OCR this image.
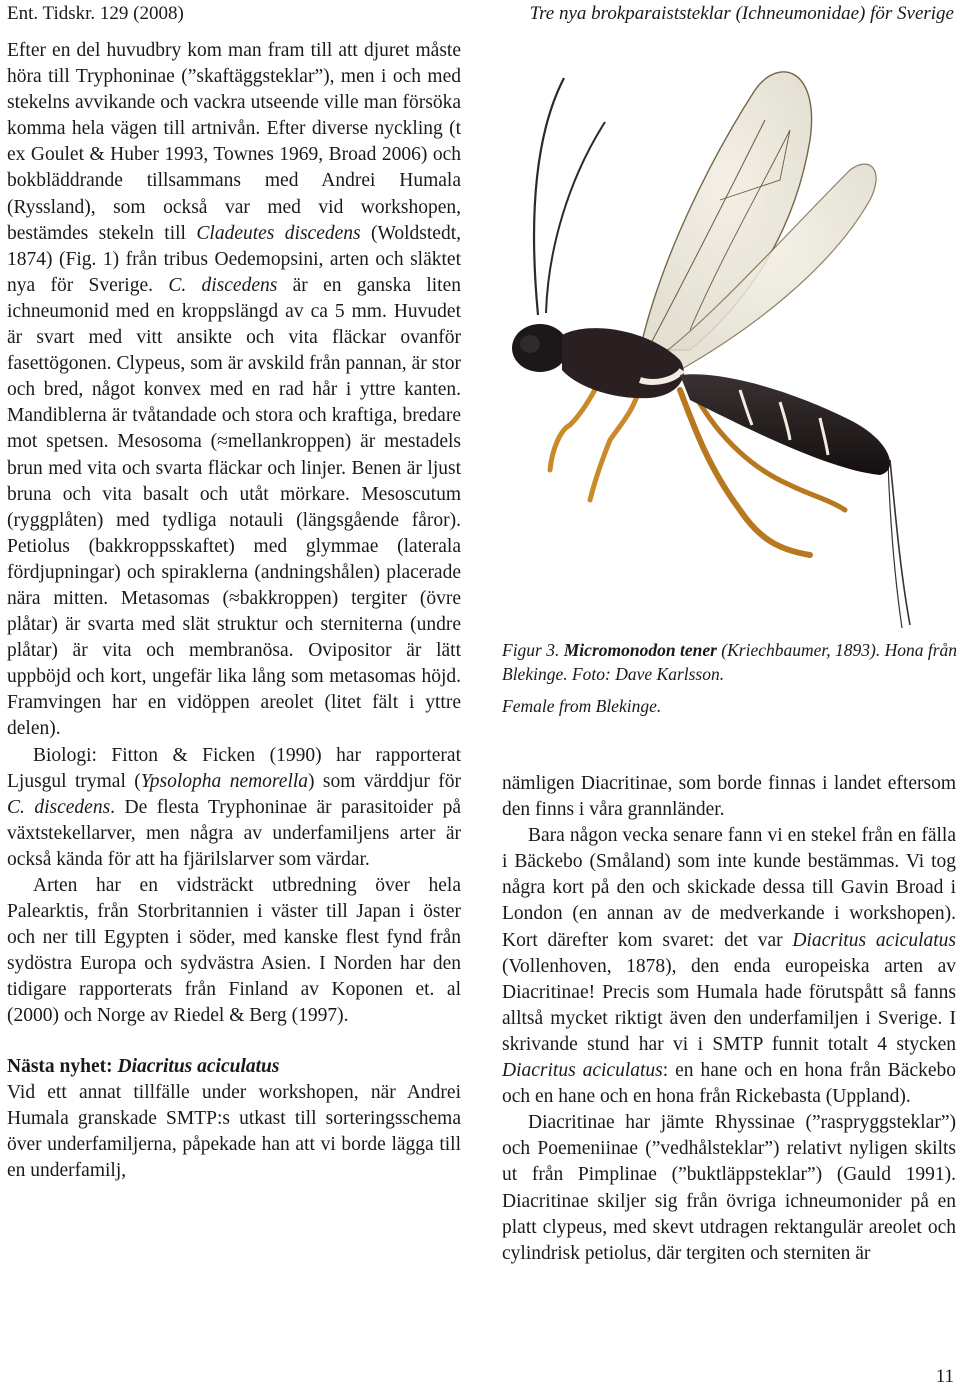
Ent. Tidskr. 129 (2008)	Tre nya brokparaiststeklar (Ichneumonidae) för Sverige

Efter en del huvudbry kom man fram till att djuret måste höra till Tryphoninae (”skaftäggsteklar”), men i och med stekelns avvikande och vackra utseende ville man försöka komma hela vägen till artnivån. Efter diverse nyckling (t ex Goulet & Huber 1993, Townes 1969, Broad 2006) och bokbläddrande tillsammans med Andrei Humala (Ryssland), som också var med vid workshopen, bestämdes stekeln till Cladeutes discedens (Woldstedt, 1874) (Fig. 1) från tribus Oedemopsini, arten och släktet nya för Sverige. C. discedens är en ganska liten ichneumonid med en kroppslängd av ca 5 mm. Huvudet är svart med vitt ansikte och vita fläckar ovanför fasettögonen. Clypeus, som är avskild från pannan, är stor och bred, något konvex med en rad hår i yttre kanten. Mandiblerna är tvåtandade och stora och kraftiga, bredare mot spetsen. Mesosoma (≈mellankroppen) är mestadels brun med vita och svarta fläckar och linjer. Benen är ljust bruna och vita basalt och utåt mörkare. Mesoscutum (ryggplåten) med tydliga notauli (längsgående fåror). Petiolus (bakkroppsskaftet) med glymmae (laterala fördjupningar) och spiraklerna (andningshålen) placerade nära mitten. Metasomas (≈bakkroppen) tergiter (övre plåtar) är svarta med slät struktur och sterniterna (undre plåtar) är vita och membranösa. Ovipositor är lätt uppböjd och kort, ungefär lika lång som metasomas höjd. Framvingen har en vidöppen areolet (litet fält i yttre delen).

Biologi: Fitton & Ficken (1990) har rapporterat Ljusgul trymal (Ypsolopha nemorella) som värddjur för C. discedens. De flesta Tryphoninae är parasitoider på växtstekellarver, men några av underfamiljens arter är också kända för att ha fjärilslarver som värdar.

Arten har en vidsträckt utbredning över hela Palearktis, från Storbritannien i väster till Japan i öster och ner till Egypten i söder, med kanske flest fynd från sydöstra Europa och sydvästra Asien. I Norden har den tidigare rapporterats från Finland av Koponen et. al (2000) och Norge av Riedel & Berg (1997).

Nästa nyhet: Diacritus aciculatus

Vid ett annat tillfälle under workshopen, när Andrei Humala granskade SMTP:s utkast till sorteringsschema över underfamiljerna, påpekade han att vi borde lägga till en underfamilj,

Figur 3. Micromonodon tener (Kriechbaumer, 1893). Hona från Blekinge. Foto: Dave Karlsson.

Female from Blekinge.

nämligen Diacritinae, som borde finnas i landet eftersom den finns i våra grannländer.

Bara någon vecka senare fann vi en stekel från en fälla i Bäckebo (Småland) som inte kunde bestämmas. Vi tog några kort på den och skickade dessa till Gavin Broad i London (en annan av de medverkande i workshopen). Kort därefter kom svaret: det var Diacritus aciculatus (Vollenhoven, 1878), den enda europeiska arten av Diacritinae! Precis som Humala hade förutspått så fanns alltså mycket riktigt även den underfamiljen i Sverige. I skrivande stund har vi i SMTP funnit totalt 4 stycken Diacritus aciculatus: en hane och en hona från Bäckebo och en hane och en hona från Rickebasta (Uppland).

Diacritinae har jämte Rhyssinae (”raspryggsteklar”) och Poemeniinae (”vedhålsteklar”) relativt nyligen skilts ut från Pimplinae (”buktläppsteklar”) (Gauld 1991). Diacritinae skiljer sig från övriga ichneumonider på en platt clypeus, med skevt utdragen rektangulär areolet och cylindrisk petiolus, där tergiten och sterniten är

11
